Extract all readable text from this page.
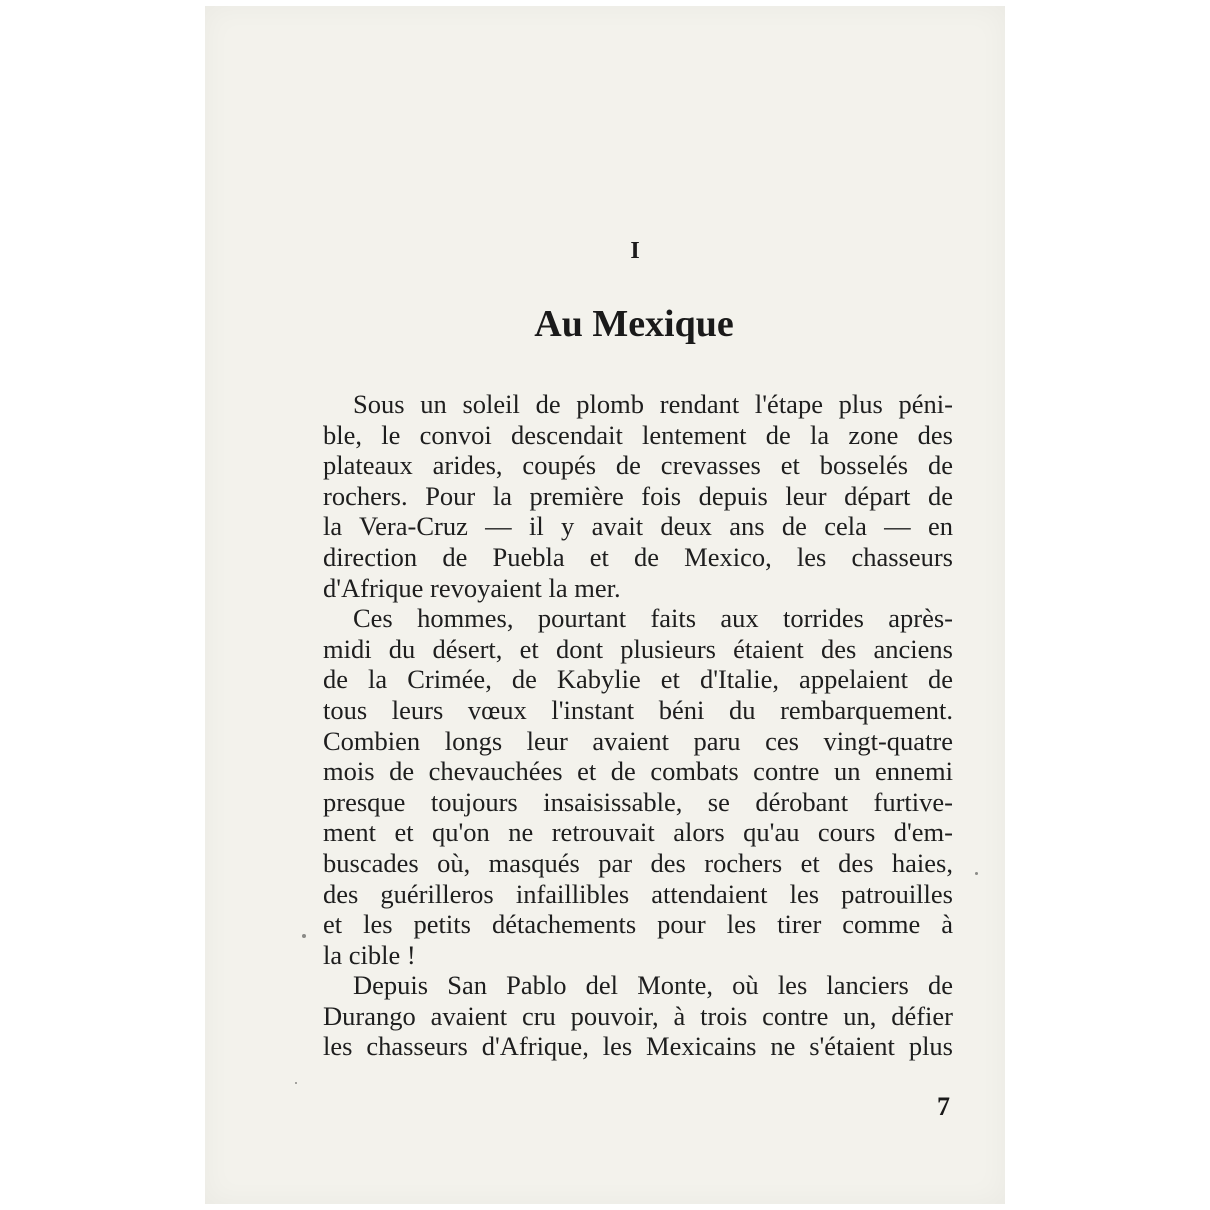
I
Au Mexique
Sous un soleil de plomb rendant l'étape plus péni-
ble, le convoi descendait lentement de la zone des
plateaux arides, coupés de crevasses et bosselés de
rochers. Pour la première fois depuis leur départ de
la Vera-Cruz — il y avait deux ans de cela — en
direction de Puebla et de Mexico, les chasseurs
d'Afrique revoyaient la mer.
Ces hommes, pourtant faits aux torrides après-
midi du désert, et dont plusieurs étaient des anciens
de la Crimée, de Kabylie et d'Italie, appelaient de
tous leurs vœux l'instant béni du rembarquement.
Combien longs leur avaient paru ces vingt-quatre
mois de chevauchées et de combats contre un ennemi
presque toujours insaisissable, se dérobant furtive-
ment et qu'on ne retrouvait alors qu'au cours d'em-
buscades où, masqués par des rochers et des haies,
des guérilleros infaillibles attendaient les patrouilles
et les petits détachements pour les tirer comme à
la cible !
Depuis San Pablo del Monte, où les lanciers de
Durango avaient cru pouvoir, à trois contre un, défier
les chasseurs d'Afrique, les Mexicains ne s'étaient plus
7
